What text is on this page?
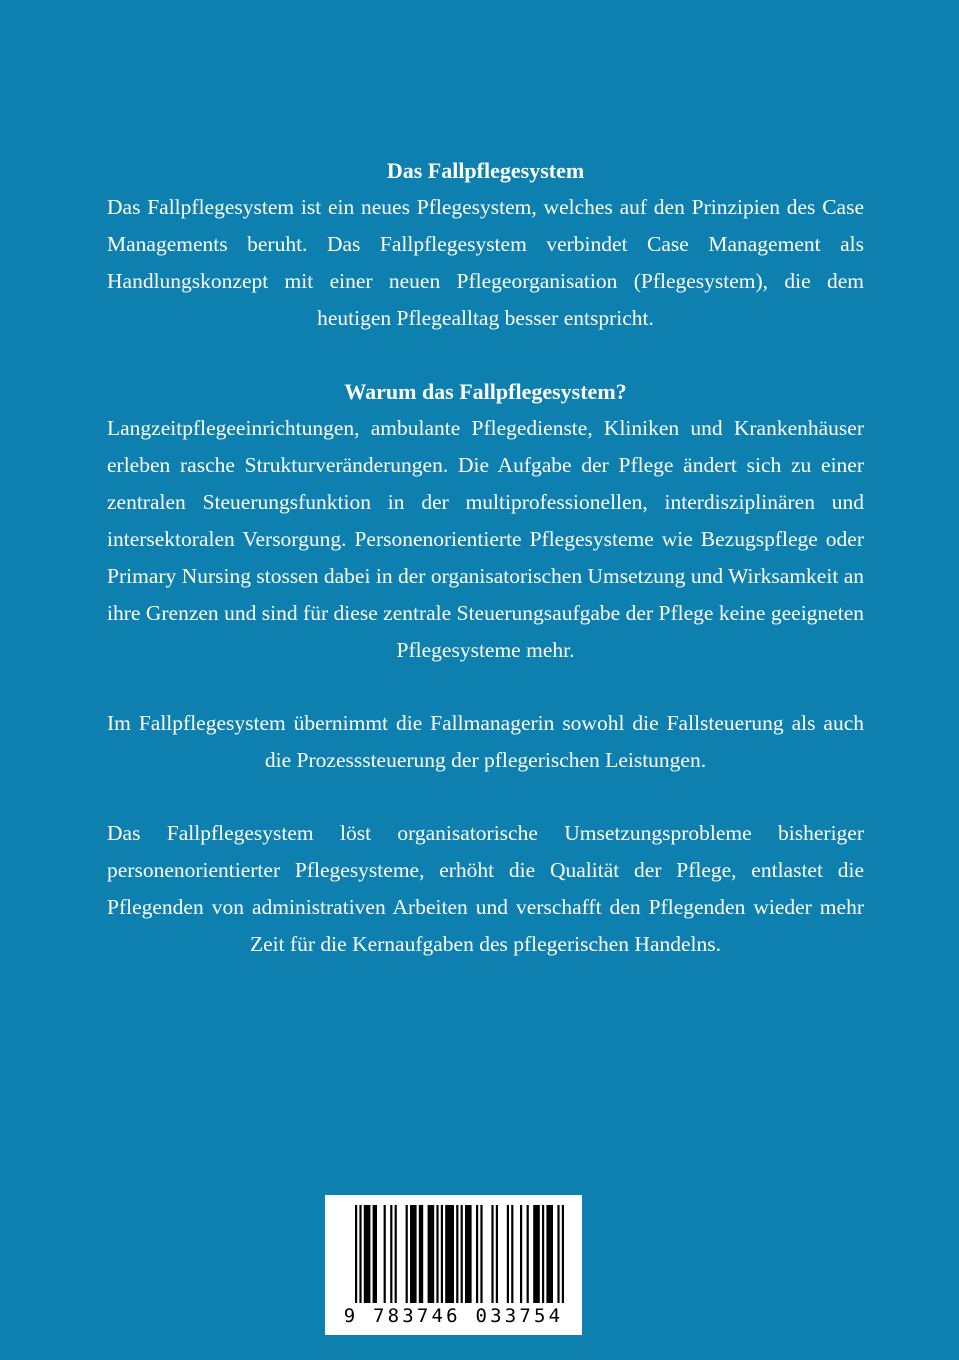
Das Fallpflegesystem

Das Fallpflegesystem ist ein neues Pflegesystem, welches auf den Prinzipien des Case Managements beruht. Das Fallpflegesystem verbindet Case Management als Handlungskonzept mit einer neuen Pflegeorganisation (Pflegesystem), die dem heutigen Pflegealltag besser entspricht.

Warum das Fallpflegesystem?

Langzeitpflegeeinrichtungen, ambulante Pflegedienste, Kliniken und Krankenhäuser erleben rasche Strukturveränderungen. Die Aufgabe der Pflege ändert sich zu einer zentralen Steuerungsfunktion in der multiprofessionellen, interdisziplinären und intersektoralen Versorgung. Personenorientierte Pflegesysteme wie Bezugspflege oder Primary Nursing stossen dabei in der organisatorischen Umsetzung und Wirksamkeit an ihre Grenzen und sind für diese zentrale Steuerungsaufgabe der Pflege keine geeigneten Pflegesysteme mehr.

Im Fallpflegesystem übernimmt die Fallmanagerin sowohl die Fallsteuerung als auch die Prozesssteuerung der pflegerischen Leistungen.

Das Fallpflegesystem löst organisatorische Umsetzungsprobleme bisheriger personenorientierter Pflegesysteme, erhöht die Qualität der Pflege, entlastet die Pflegenden von administrativen Arbeiten und verschafft den Pflegenden wieder mehr Zeit für die Kernaufgaben des pflegerischen Handelns.

9 783746 033754
